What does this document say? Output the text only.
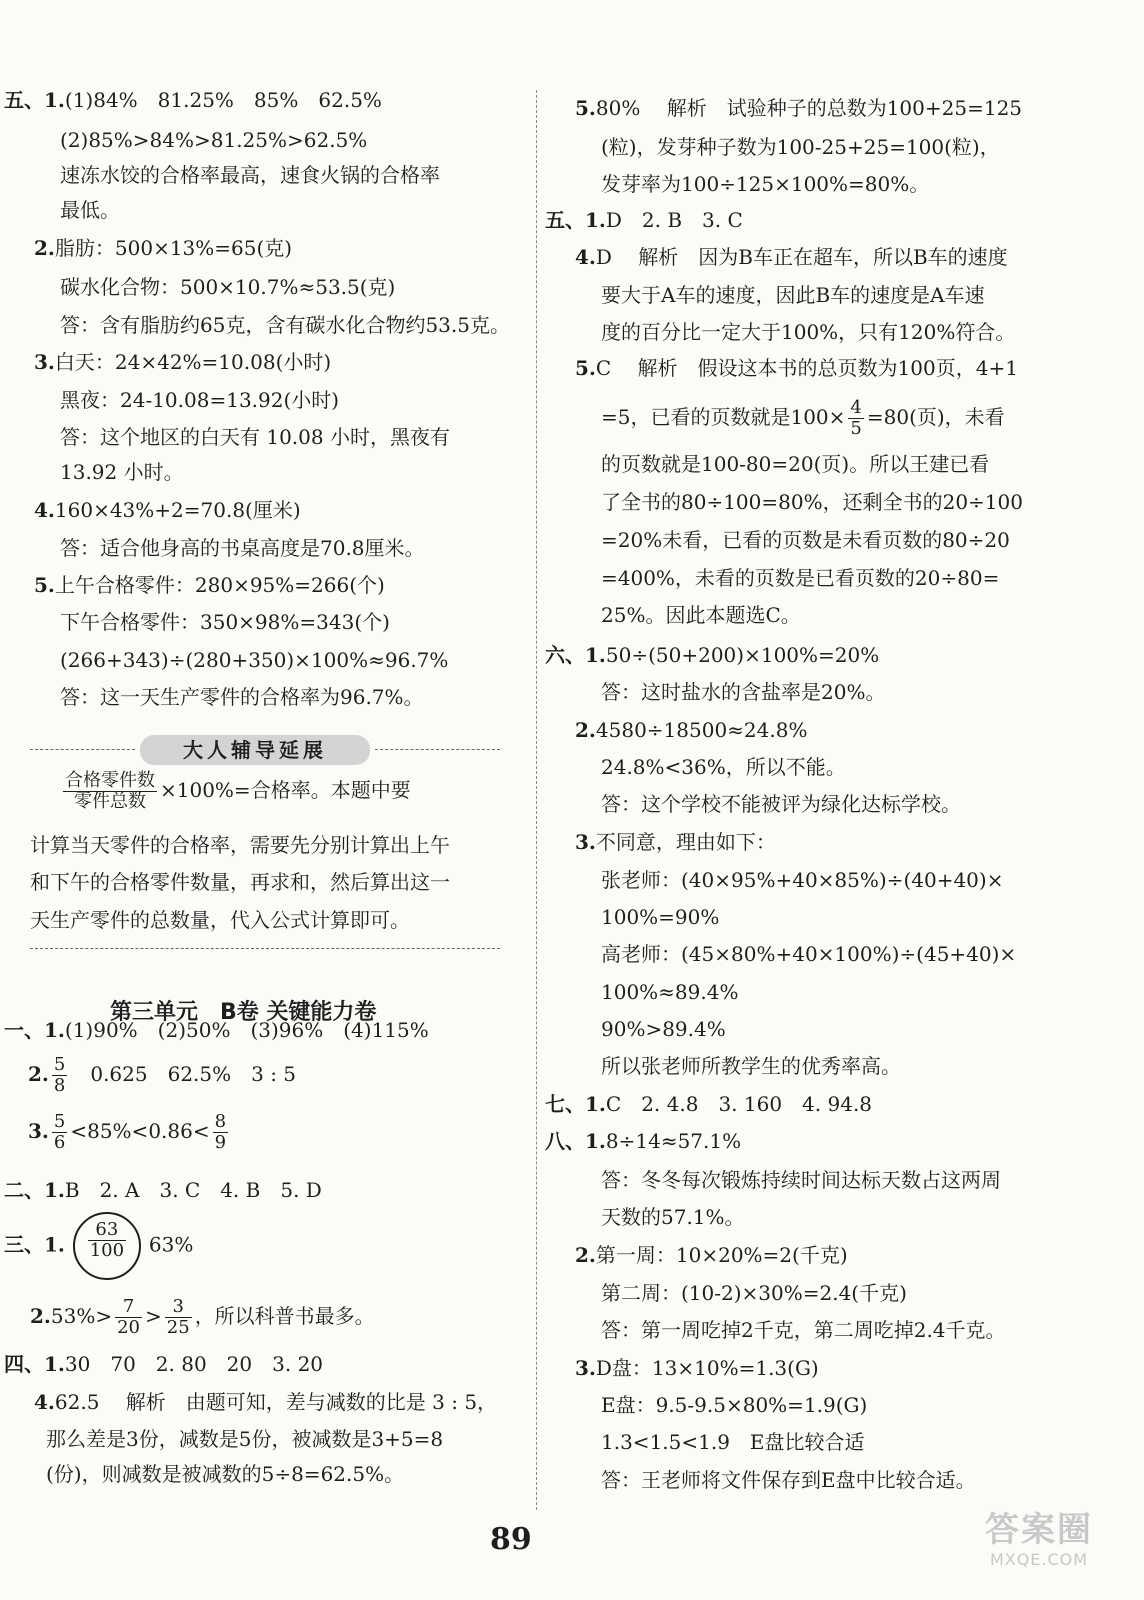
五、1.(1)84%　81.25%　85%　62.5%
(2)85%>84%>81.25%>62.5%
速冻水饺的合格率最高，速食火锅的合格率
最低。
2.脂肪：500×13%=65(克)
碳水化合物：500×10.7%≈53.5(克)
答：含有脂肪约65克，含有碳水化合物约53.5克。
3.白天：24×42%=10.08(小时)
黑夜：24-10.08=13.92(小时)
答：这个地区的白天有 10.08 小时，黑夜有
13.92 小时。
4.160×43%+2=70.8(厘米)
答：适合他身高的书桌高度是70.8厘米。
5.上午合格零件：280×95%=266(个)
下午合格零件：350×98%=343(个)
(266+343)÷(280+350)×100%≈96.7%
答：这一天生产零件的合格率为96.7%。
$\frac{\text{合格零件数}}{\text{零件总数}} \times 100\%=$合格率。本题中要
计算当天零件的合格率，需要先分别计算出上午
和下午的合格零件数量，再求和，然后算出这一
天生产零件的总数量，代入公式计算即可。
一、1.(1)90%　(2)50%　(3)96%　(4)115%
2. $\frac{5}{8}$ 　0.625　62.5%　3 : 5
3. $\frac{5}{6} <85\%<0.86< \frac{8}{9}$
二、1.B　2. A　3. C　4. B　5. D
三、1. $\frac{63}{100} 63\%$
$2.53\%> \frac{7}{20} > \frac{3}{25}$ ，所以科普书最多。
四、1.30　70　2. 80　20　3. 20
4.62.5　 解析　由题可知，差与减数的比是 3 : 5，
那么差是3份，减数是5份，被减数是3+5=8
(份)，则减数是被减数的5÷8=62.5%。
5.80%　 解析　试验种子的总数为100+25=125
(粒)，发芽种子数为100-25+25=100(粒)，
发芽率为100÷125×100%=80%。
五、1.D　2. B　3. C
4.D　 解析　因为B车正在超车，所以B车的速度
要大于A车的速度，因此B车的速度是A车速
度的百分比一定大于100%，只有120%符合。
5.C　 解析　假设这本书的总页数为100页，4+1
=5，已看的页数就是$100\times \frac{4}{5} =80$(页)，未看
的页数就是100-80=20(页)。所以王建已看
了全书的80÷100=80%，还剩全书的20÷100
=20%未看，已看的页数是未看页数的80÷20
=400%，未看的页数是已看页数的20÷80=
25%。因此本题选C。
六、1.50÷(50+200)×100%=20%
答：这时盐水的含盐率是20%。
2.4580÷18500≈24.8%
24.8%<36%，所以不能。
答：这个学校不能被评为绿化达标学校。
3.不同意，理由如下：
张老师：(40×95%+40×85%)÷(40+40)×
100%=90%
高老师：(45×80%+40×100%)÷(45+40)×
100%≈89.4%
90%>89.4%
所以张老师所教学生的优秀率高。
七、1.C　2. 4.8　3. 160　4. 94.8
八、1.8÷14≈57.1%
答：冬冬每次锻炼持续时间达标天数占这两周
天数的57.1%。
2.第一周：10×20%=2(千克)
第二周：(10-2)×30%=2.4(千克)
答：第一周吃掉2千克，第二周吃掉2.4千克。
3.D盘：13×10%=1.3(G)
E盘：9.5-9.5×80%=1.9(G)
1.3<1.5<1.9　E盘比较合适
答：王老师将文件保存到E盘中比较合适。
大人辅导延展
第三单元　B卷 关键能力卷
89	答案圈
MXQE.COM
